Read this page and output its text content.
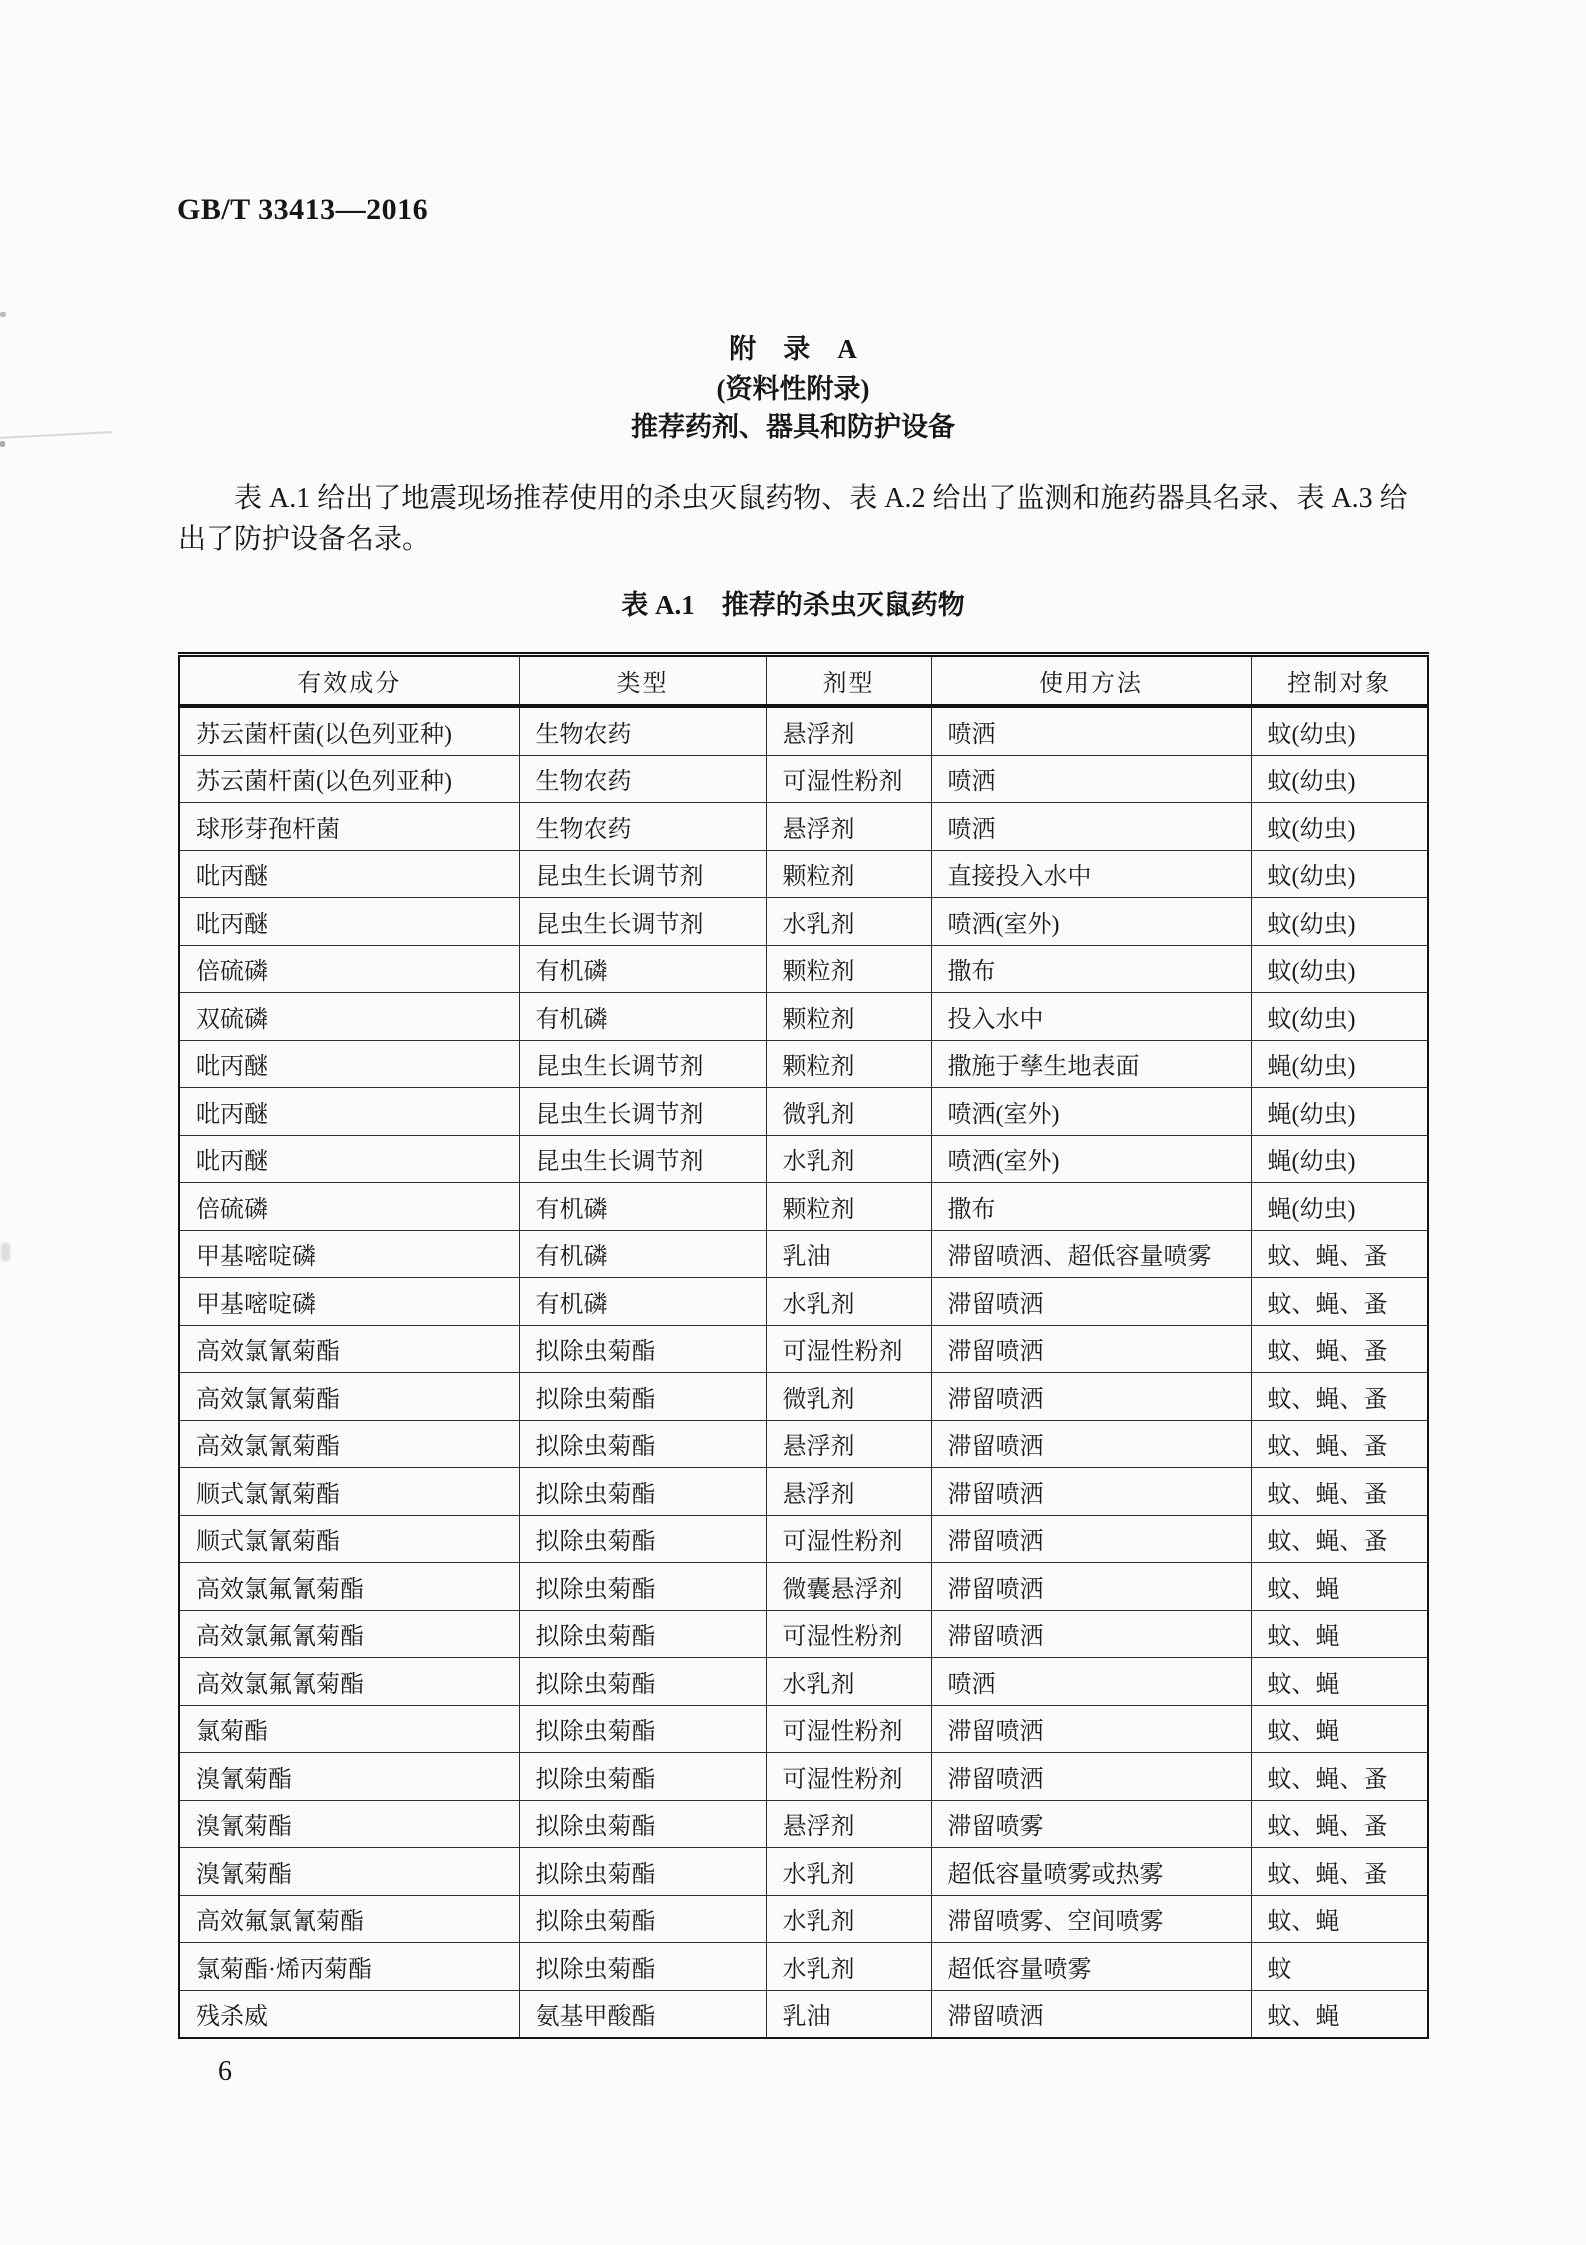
GB/T 33413—2016
附　录　A
(资料性附录)
推荐药剂、器具和防护设备
表 A.1 给出了地震现场推荐使用的杀虫灭鼠药物、表 A.2 给出了监测和施药器具名录、表 A.3 给
出了防护设备名录。
表 A.1　推荐的杀虫灭鼠药物
有效成分	类型	剂型	使用方法	控制对象
苏云菌杆菌(以色列亚种)	生物农药	悬浮剂	喷洒	蚊(幼虫)
苏云菌杆菌(以色列亚种)	生物农药	可湿性粉剂	喷洒	蚊(幼虫)
球形芽孢杆菌	生物农药	悬浮剂	喷洒	蚊(幼虫)
吡丙醚	昆虫生长调节剂	颗粒剂	直接投入水中	蚊(幼虫)
吡丙醚	昆虫生长调节剂	水乳剂	喷洒(室外)	蚊(幼虫)
倍硫磷	有机磷	颗粒剂	撒布	蚊(幼虫)
双硫磷	有机磷	颗粒剂	投入水中	蚊(幼虫)
吡丙醚	昆虫生长调节剂	颗粒剂	撒施于孳生地表面	蝇(幼虫)
吡丙醚	昆虫生长调节剂	微乳剂	喷洒(室外)	蝇(幼虫)
吡丙醚	昆虫生长调节剂	水乳剂	喷洒(室外)	蝇(幼虫)
倍硫磷	有机磷	颗粒剂	撒布	蝇(幼虫)
甲基嘧啶磷	有机磷	乳油	滞留喷洒、超低容量喷雾	蚊、蝇、蚤
甲基嘧啶磷	有机磷	水乳剂	滞留喷洒	蚊、蝇、蚤
高效氯氰菊酯	拟除虫菊酯	可湿性粉剂	滞留喷洒	蚊、蝇、蚤
高效氯氰菊酯	拟除虫菊酯	微乳剂	滞留喷洒	蚊、蝇、蚤
高效氯氰菊酯	拟除虫菊酯	悬浮剂	滞留喷洒	蚊、蝇、蚤
顺式氯氰菊酯	拟除虫菊酯	悬浮剂	滞留喷洒	蚊、蝇、蚤
顺式氯氰菊酯	拟除虫菊酯	可湿性粉剂	滞留喷洒	蚊、蝇、蚤
高效氯氟氰菊酯	拟除虫菊酯	微囊悬浮剂	滞留喷洒	蚊、蝇
高效氯氟氰菊酯	拟除虫菊酯	可湿性粉剂	滞留喷洒	蚊、蝇
高效氯氟氰菊酯	拟除虫菊酯	水乳剂	喷洒	蚊、蝇
氯菊酯	拟除虫菊酯	可湿性粉剂	滞留喷洒	蚊、蝇
溴氰菊酯	拟除虫菊酯	可湿性粉剂	滞留喷洒	蚊、蝇、蚤
溴氰菊酯	拟除虫菊酯	悬浮剂	滞留喷雾	蚊、蝇、蚤
溴氰菊酯	拟除虫菊酯	水乳剂	超低容量喷雾或热雾	蚊、蝇、蚤
高效氟氯氰菊酯	拟除虫菊酯	水乳剂	滞留喷雾、空间喷雾	蚊、蝇
氯菊酯·烯丙菊酯	拟除虫菊酯	水乳剂	超低容量喷雾	蚊
残杀威	氨基甲酸酯	乳油	滞留喷洒	蚊、蝇
6
